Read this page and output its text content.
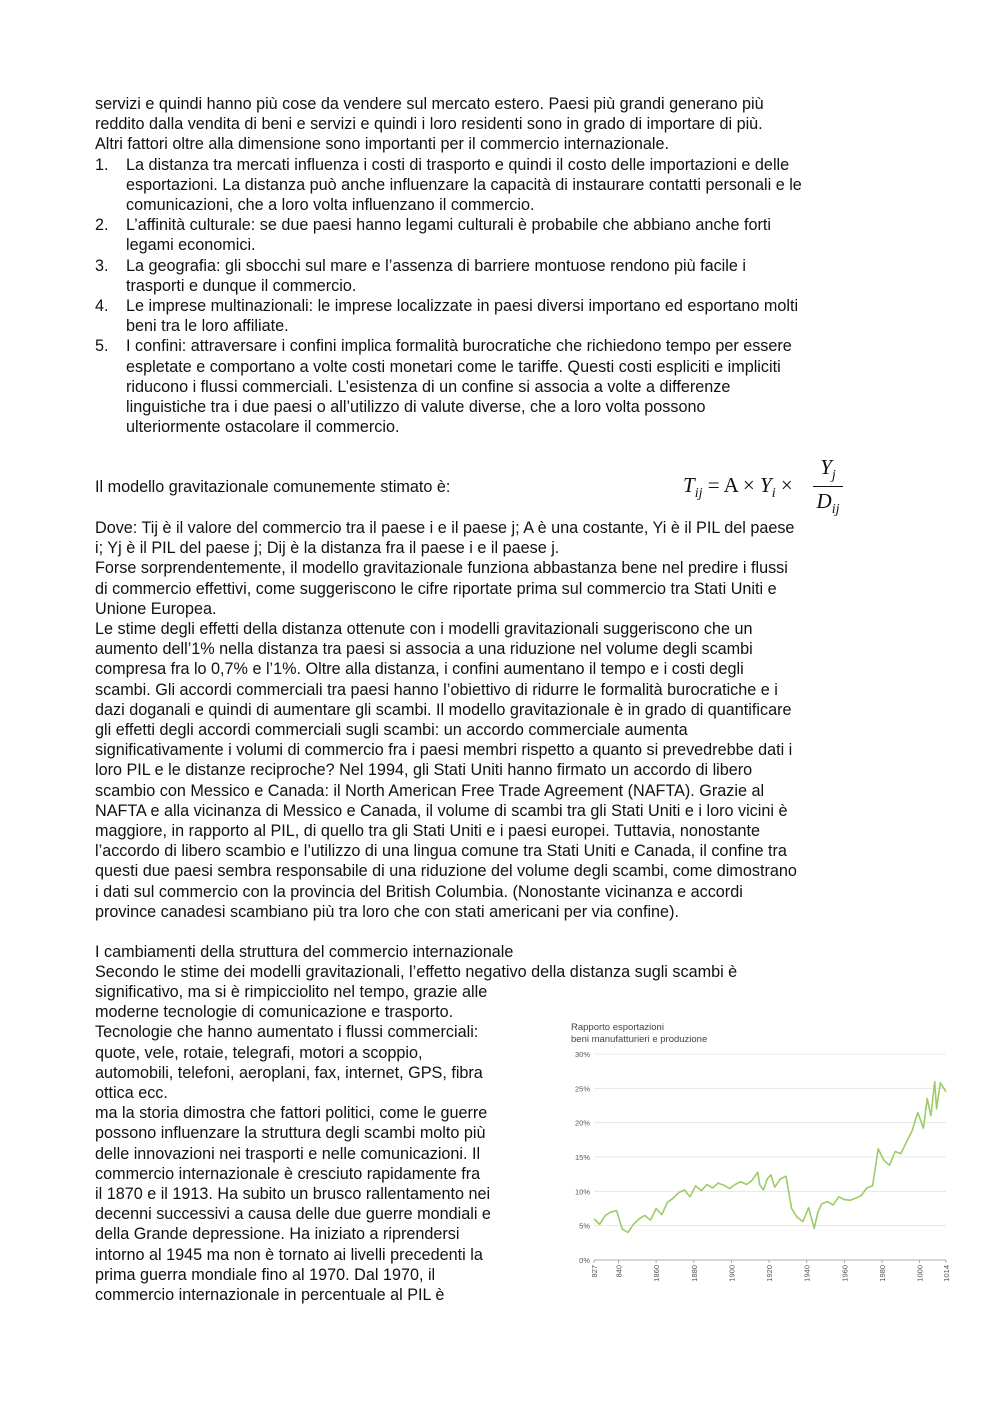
servizi e quindi hanno più cose da vendere sul mercato estero. Paesi più grandi generano più

reddito dalla vendita di beni e servizi e quindi i loro residenti sono in grado di importare di più.

Altri fattori oltre alla dimensione sono importanti per il commercio internazionale.

1. La distanza tra mercati influenza i costi di trasporto e quindi il costo delle importazioni e delle
esportazioni. La distanza può anche influenzare la capacità di instaurare contatti personali e le
comunicazioni, che a loro volta influenzano il commercio.
2. L’affinità culturale: se due paesi hanno legami culturali è probabile che abbiano anche forti
legami economici.
3. La geografia: gli sbocchi sul mare e l’assenza di barriere montuose rendono più facile i
trasporti e dunque il commercio.
4. Le imprese multinazionali: le imprese localizzate in paesi diversi importano ed esportano molti
beni tra le loro affiliate.
5. I confini: attraversare i confini implica formalità burocratiche che richiedono tempo per essere
espletate e comportano a volte costi monetari come le tariffe. Questi costi espliciti e impliciti
riducono i flussi commerciali. L’esistenza di un confine si associa a volte a differenze
linguistiche tra i due paesi o all’utilizzo di valute diverse, che a loro volta possono
ulteriormente ostacolare il commercio.
Il modello gravitazionale comunemente stimato è:	$T_{ij} = A \times Y_i$ ×
$Y_j$
$D_{ij}$

Dove: Tij è il valore del commercio tra il paese i e il paese j; A è una costante, Yi è il PIL del paese

i; Yj è il PIL del paese j; Dij è la distanza fra il paese i e il paese j.

Forse sorprendentemente, il modello gravitazionale funziona abbastanza bene nel predire i flussi

di commercio effettivi, come suggeriscono le cifre riportate prima sul commercio tra Stati Uniti e

Unione Europea.

Le stime degli effetti della distanza ottenute con i modelli gravitazionali suggeriscono che un

aumento dell’1% nella distanza tra paesi si associa a una riduzione nel volume degli scambi

compresa fra lo 0,7% e l’1%. Oltre alla distanza, i confini aumentano il tempo e i costi degli

scambi. Gli accordi commerciali tra paesi hanno l’obiettivo di ridurre le formalità burocratiche e i

dazi doganali e quindi di aumentare gli scambi. Il modello gravitazionale è in grado di quantificare

gli effetti degli accordi commerciali sugli scambi: un accordo commerciale aumenta

significativamente i volumi di commercio fra i paesi membri rispetto a quanto si prevedrebbe dati i

loro PIL e le distanze reciproche? Nel 1994, gli Stati Uniti hanno firmato un accordo di libero

scambio con Messico e Canada: il North American Free Trade Agreement (NAFTA). Grazie al

NAFTA e alla vicinanza di Messico e Canada, il volume di scambi tra gli Stati Uniti e i loro vicini è

maggiore, in rapporto al PIL, di quello tra gli Stati Uniti e i paesi europei. Tuttavia, nonostante

l’accordo di libero scambio e l’utilizzo di una lingua comune tra Stati Uniti e Canada, il confine tra

questi due paesi sembra responsabile di una riduzione del volume degli scambi, come dimostrano

i dati sul commercio con la provincia del British Columbia. (Nonostante vicinanza e accordi

province canadesi scambiano più tra loro che con stati americani per via confine).

I cambiamenti della struttura del commercio internazionale

Secondo le stime dei modelli gravitazionali, l’effetto negativo della distanza sugli scambi è

significativo, ma si è rimpicciolito nel tempo, grazie alle

moderne tecnologie di comunicazione e trasporto.

Tecnologie che hanno aumentato i flussi commerciali:

quote, vele, rotaie, telegrafi, motori a scoppio,

automobili, telefoni, aeroplani, fax, internet, GPS, fibra

ottica ecc.

ma la storia dimostra che fattori politici, come le guerre

possono influenzare la struttura degli scambi molto più

delle innovazioni nei trasporti e nelle comunicazioni. Il

commercio internazionale è cresciuto rapidamente fra

il 1870 e il 1913. Ha subito un brusco rallentamento nei

decenni successivi a causa delle due guerre mondiali e

della Grande depressione. Ha iniziato a riprendersi

intorno al 1945 ma non è tornato ai livelli precedenti la

prima guerra mondiale fino al 1970. Dal 1970, il

commercio internazionale in percentuale al PIL è

Rapporto esportazioni
beni manufatturieri e produzione
0%
5%
10%
15%
20%
25%
30%
827 840	1860	1880	1900	1920	1940	1960	1980	1000 1014
